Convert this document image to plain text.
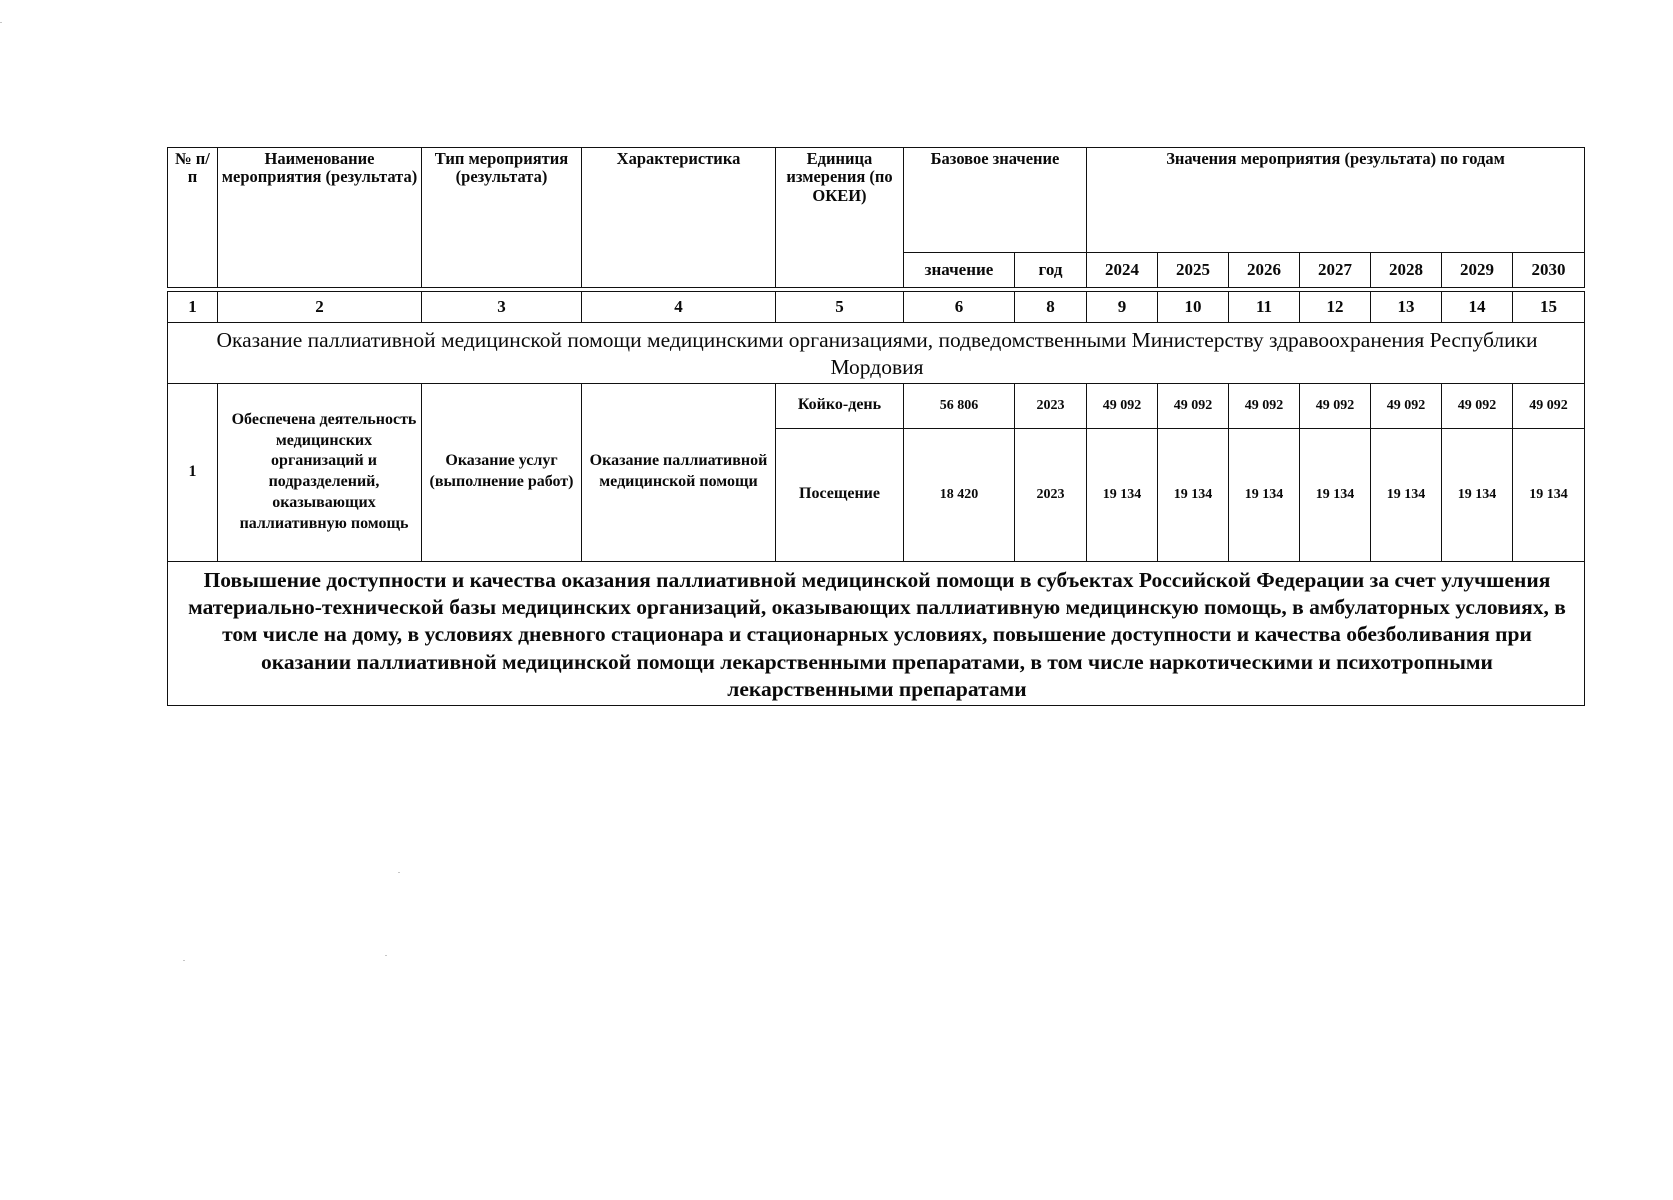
№ п/п	Наименование мероприятия (результата)	Тип мероприятия (результата)	Характеристика	Единица измерения (по ОКЕИ)	Базовое значение		Значения мероприятия (результата) по годам						
					значение	год	2024	2025	2026	2027	2028	2029	2030
1	2	3	4	5	6	8	9	10	11	12	13	14	15
Оказание паллиативной медицинской помощи медицинскими организациями, подведомственными Министерству здравоохранения Республики Мордовия													
1	Обеспечена деятельность медицинских организаций и подразделений, оказывающих паллиативную помощь	Оказание услуг (выполнение работ)	Оказание паллиативной медицинской помощи	Койко-день	56 806	2023	49 092	49 092	49 092	49 092	49 092	49 092	49 092
				Посещение	18 420	2023	19 134	19 134	19 134	19 134	19 134	19 134	19 134
Повышение доступности и качества оказания паллиативной медицинской помощи в субъектах Российской Федерации за счет улучшения материально-технической базы медицинских организаций, оказывающих паллиативную медицинскую помощь, в амбулаторных условиях, в том числе на дому, в условиях дневного стационара и стационарных условиях, повышение доступности и качества обезболивания при оказании паллиативной медицинской помощи лекарственными препаратами, в том числе наркотическими и психотропными лекарственными препаратами													
